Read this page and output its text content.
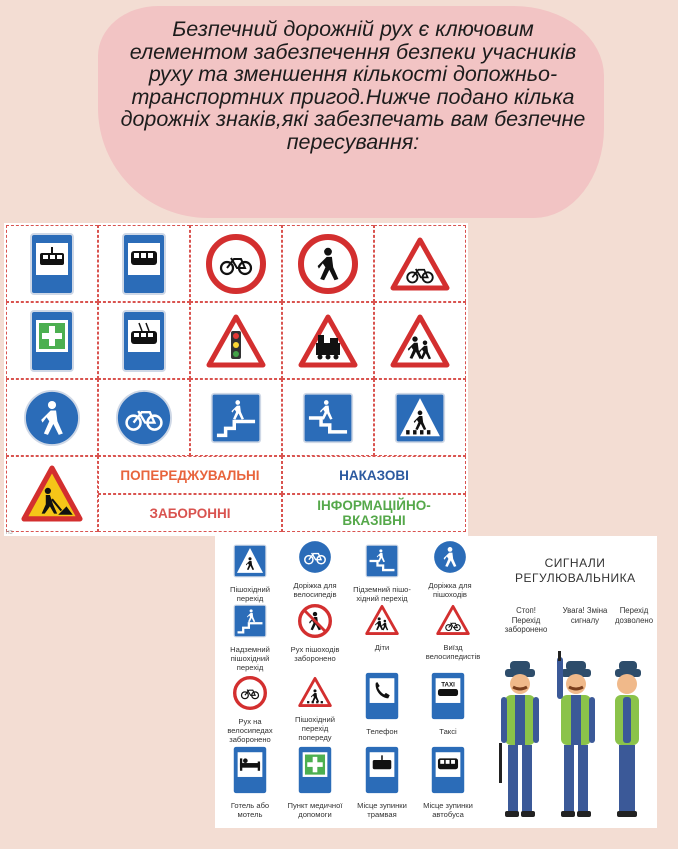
Безпечний дорожній рух є ключовим елементом забезпечення безпеки учасників руху та зменшення кількості допожньо-транспортних пригод.Нижче подано кілька дорожніх знаків,які забезпечать вам безпечне пересування:
ПОПЕРЕДЖУВАЛЬНІ	НАКАЗОВІ
ЗАБОРОННІ	ІНФОРМАЦІЙНО-ВКАЗІВНІ
НЗ
Пішохідний перехід
Доріжка для велосипедів
Підземний пішо-хідний перехід
Доріжка для пішоходів
Надземний пішохідний перехід
Рух пішоходів заборонено
Діти	Виїзд велосипедистів
Рух на велосипедах заборонено
Пішохідний перехід попереду
Телефон
TAXI
Таксі
Готель або мотель
Пункт медичної допомоги
Місце зупинки трамвая
Місце зупинки автобуса
СИГНАЛИ РЕГУЛЮВАЛЬНИКА
Стоп! Перехід заборонено
Увага! Зміна сигналу
Перехід дозволено
